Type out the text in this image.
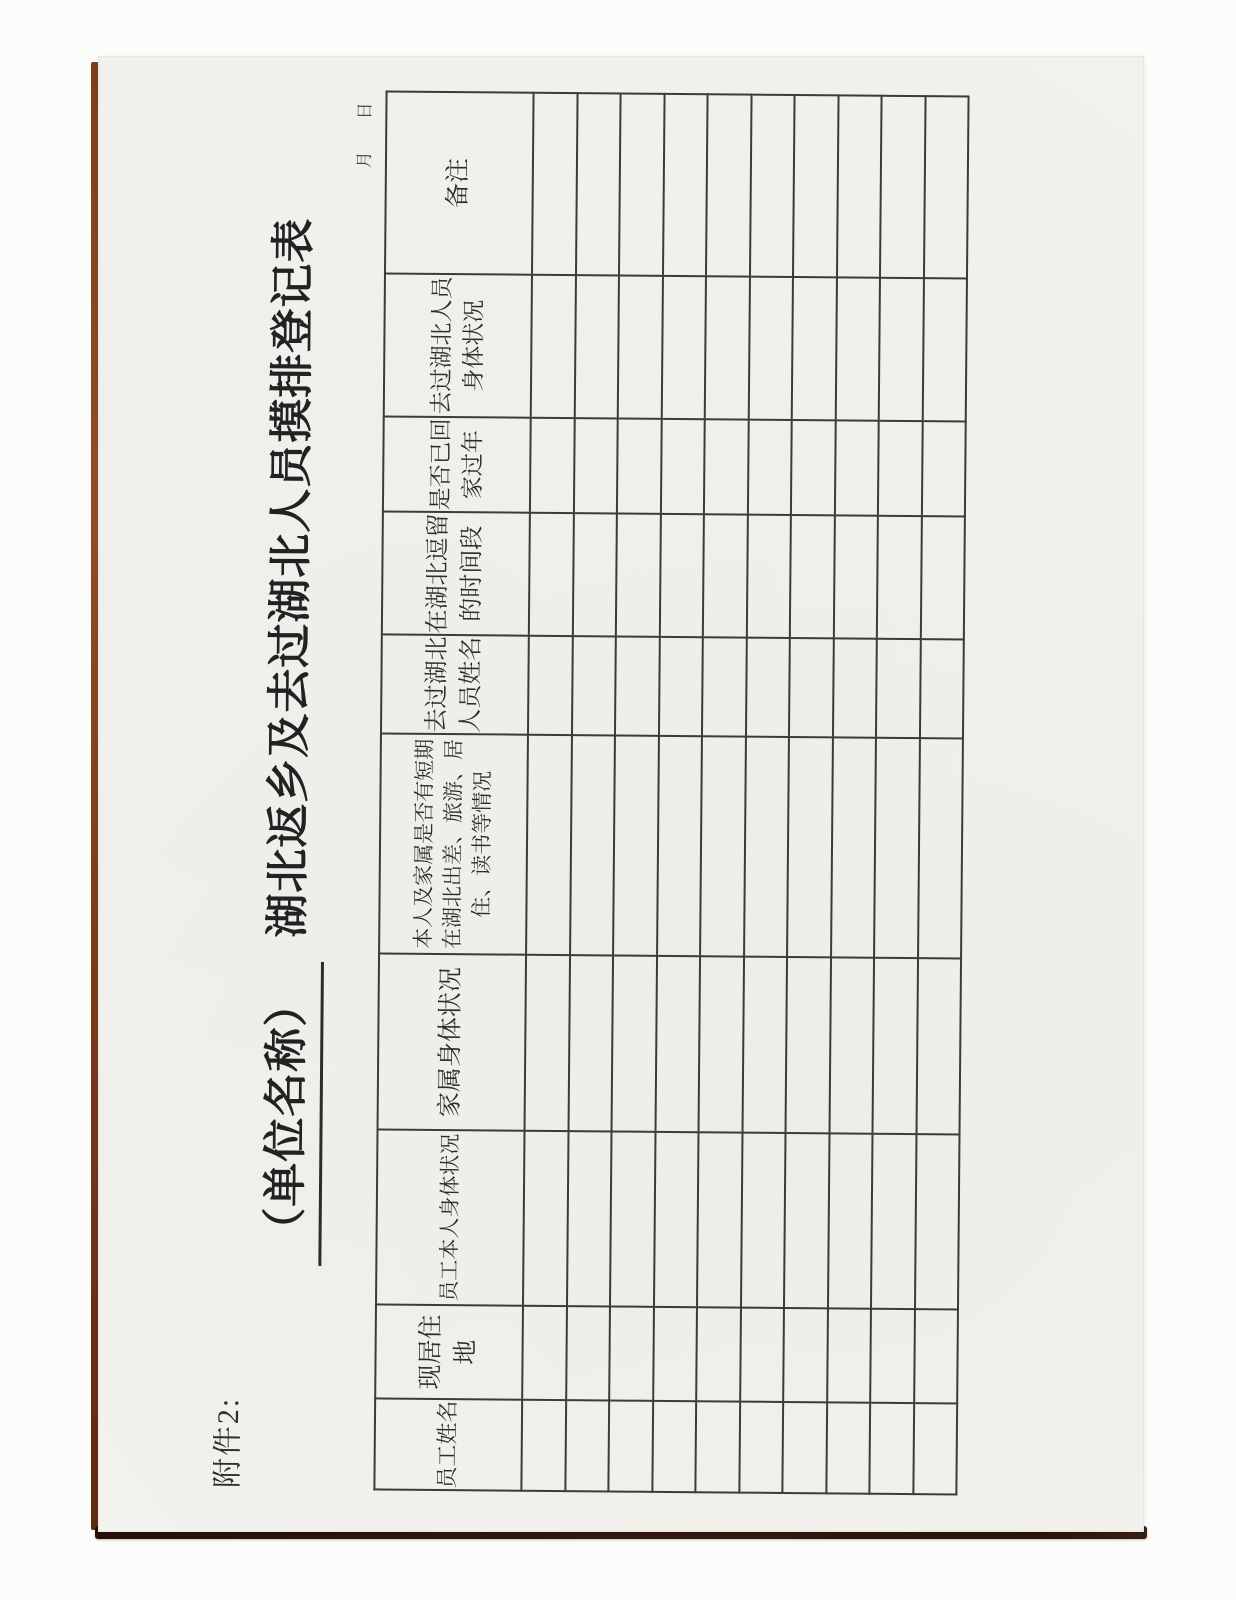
附件2:
（单位名称）湖北返乡及去过湖北人员摸排登记表
月日
员工姓名	现居住
地	员工本人身体状况	家属身体状况	本人及家属是否有短期
在湖北出差、旅游、居
住、读书等情况	去过湖北
人员姓名	在湖北逗留
的时间段	是否已回
家过年	去过湖北人员
身体状况	备注
